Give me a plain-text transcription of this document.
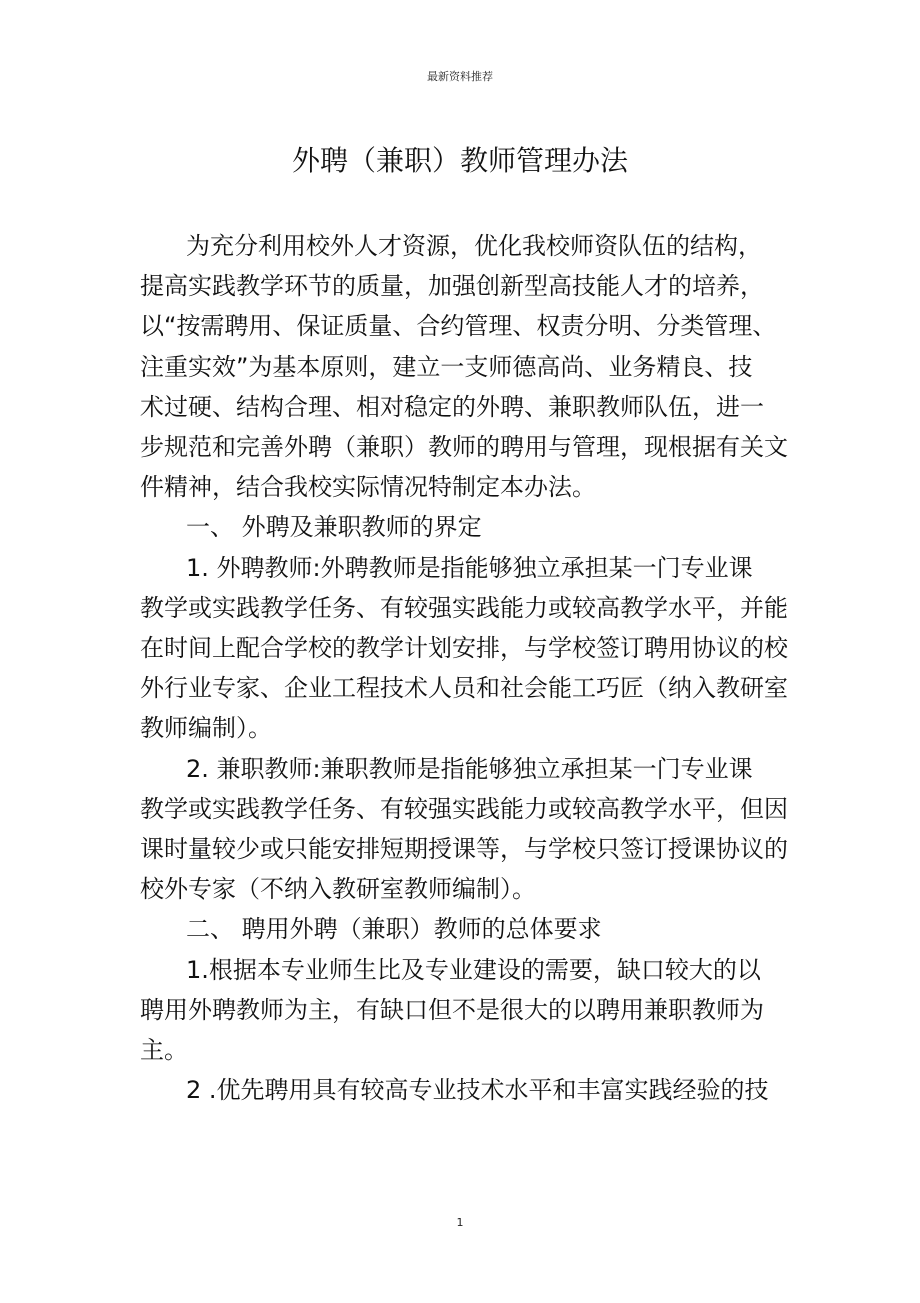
最新资料推荐
外聘（兼职）教师管理办法
为充分利用校外人才资源，优化我校师资队伍的结构，
提高实践教学环节的质量，加强创新型高技能人才的培养，
以“按需聘用、保证质量、合约管理、权责分明、分类管理、
注重实效”为基本原则，建立一支师德高尚、业务精良、技
术过硬、结构合理、相对稳定的外聘、兼职教师队伍，进一
步规范和完善外聘（兼职）教师的聘用与管理，现根据有关文
件精神，结合我校实际情况特制定本办法。
一、 外聘及兼职教师的界定
1. 外聘教师:外聘教师是指能够独立承担某一门专业课
教学或实践教学任务、有较强实践能力或较高教学水平，并能
在时间上配合学校的教学计划安排，与学校签订聘用协议的校
外行业专家、企业工程技术人员和社会能工巧匠（纳入教研室
教师编制）。
2. 兼职教师:兼职教师是指能够独立承担某一门专业课
教学或实践教学任务、有较强实践能力或较高教学水平，但因
课时量较少或只能安排短期授课等，与学校只签订授课协议的
校外专家（不纳入教研室教师编制）。
二、 聘用外聘（兼职）教师的总体要求
1.根据本专业师生比及专业建设的需要，缺口较大的以
聘用外聘教师为主，有缺口但不是很大的以聘用兼职教师为
主。
2 .优先聘用具有较高专业技术水平和丰富实践经验的技
1
